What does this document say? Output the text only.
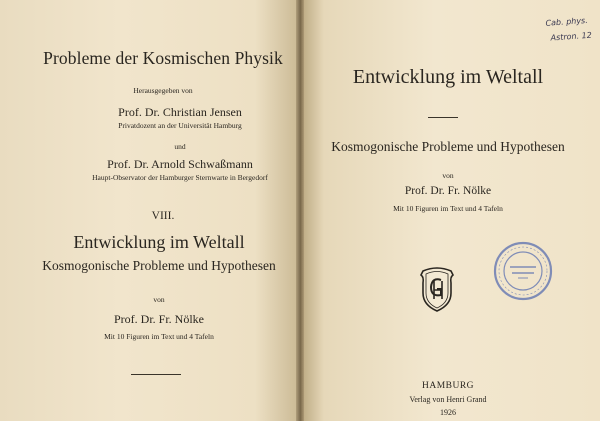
Probleme der Kosmischen Physik
Herausgegeben von
Prof. Dr. Christian Jensen
Privatdozent an der Universität Hamburg
und
Prof. Dr. Arnold Schwaßmann
Haupt-Observator der Hamburger Sternwarte in Bergedorf
VIII.
Entwicklung im Weltall
Kosmogonische Probleme und Hypothesen
von
Prof. Dr. Fr. Nölke
Mit 10 Figuren im Text und 4 Tafeln
Entwicklung im Weltall
Kosmogonische Probleme und Hypothesen
von
Prof. Dr. Fr. Nölke
Mit 10 Figuren im Text und 4 Tafeln
Cab. phys.
Astron. 12
HAMBURG
Verlag von Henri Grand
1926
